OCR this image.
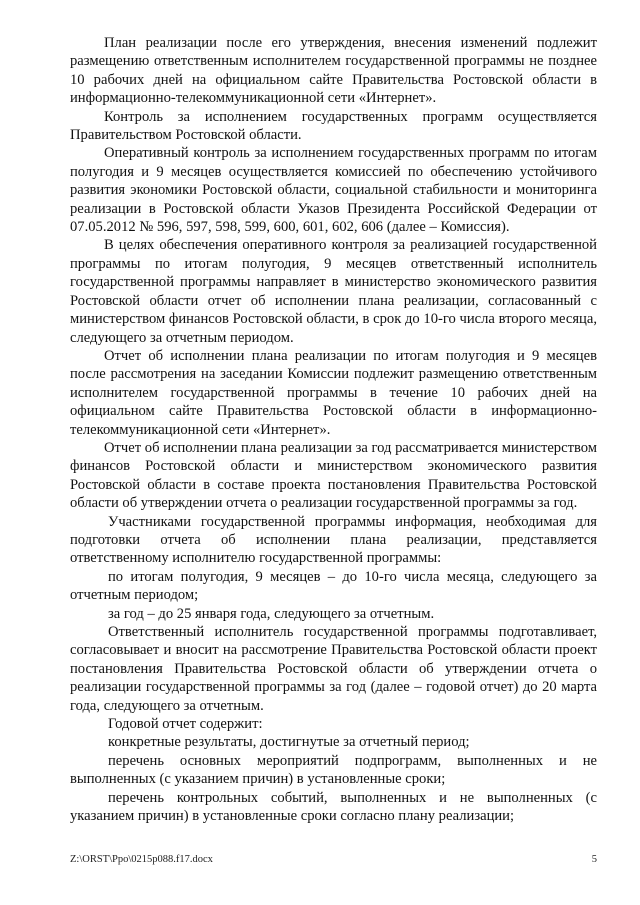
План реализации после его утверждения, внесения изменений подлежит размещению ответственным исполнителем государственной программы не позднее 10 рабочих дней на официальном сайте Правительства Ростовской области в информационно-телекоммуникационной сети «Интернет».

Контроль за исполнением государственных программ осуществляется Правительством Ростовской области.

Оперативный контроль за исполнением государственных программ по итогам полугодия и 9 месяцев осуществляется комиссией по обеспечению устойчивого развития экономики Ростовской области, социальной стабильности и мониторинга реализации в Ростовской области Указов Президента Российской Федерации от 07.05.2012 № 596, 597, 598, 599, 600, 601, 602, 606 (далее – Комиссия).

В целях обеспечения оперативного контроля за реализацией государственной программы по итогам полугодия, 9 месяцев ответственный исполнитель государственной программы направляет в министерство экономического развития Ростовской области отчет об исполнении плана реализации, согласованный с министерством финансов Ростовской области, в срок до 10-го числа второго месяца, следующего за отчетным периодом.

Отчет об исполнении плана реализации по итогам полугодия и 9 месяцев после рассмотрения на заседании Комиссии подлежит размещению ответственным исполнителем государственной программы в течение 10 рабочих дней на официальном сайте Правительства Ростовской области в информационно-телекоммуникационной сети «Интернет».

Отчет об исполнении плана реализации за год рассматривается министерством финансов Ростовской области и министерством экономического развития Ростовской области в составе проекта постановления Правительства Ростовской области об утверждении отчета о реализации государственной программы за год.

Участниками государственной программы информация, необходимая для подготовки отчета об исполнении плана реализации, представляется ответственному исполнителю государственной программы:

по итогам полугодия, 9 месяцев – до 10-го числа месяца, следующего за отчетным периодом;

за год – до 25 января года, следующего за отчетным.

Ответственный исполнитель государственной программы подготавливает, согласовывает и вносит на рассмотрение Правительства Ростовской области проект постановления Правительства Ростовской области об утверждении отчета о реализации государственной программы за год (далее – годовой отчет) до 20 марта года, следующего за отчетным.

Годовой отчет содержит:

конкретные результаты, достигнутые за отчетный период;

перечень основных мероприятий подпрограмм, выполненных и не выполненных (с указанием причин) в установленные сроки;

перечень контрольных событий, выполненных и не выполненных (с указанием причин) в установленные сроки согласно плану реализации;

Z:\ORST\Ppo\0215p088.f17.docx	5
